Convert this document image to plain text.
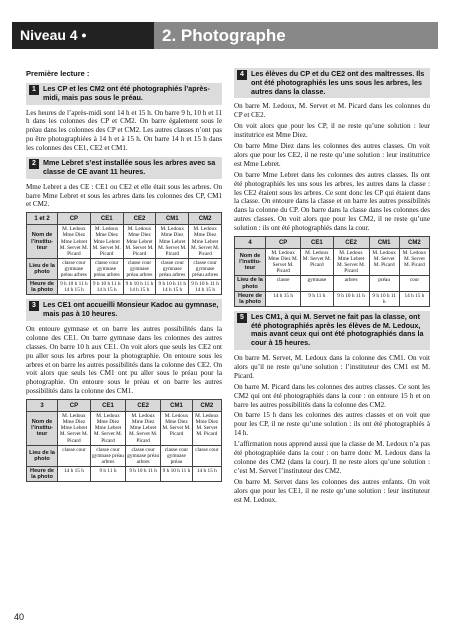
Niveau 4 • correction
2. Photographe
Première lecture :
1 Les CP et les CM2 ont été photographiés l’après-midi, mais pas sous le préau.

Les heures de l’après-midi sont 14 h et 15 h. On barre 9 h, 10 h et 11 h dans les colonnes des CP et CM2. On barre également sous le préau dans les colonnes des CP et CM2. Les autres classes n’ont pas pu être photographiées à 14 h et à 15 h. On barre 14 h et 15 h dans les colonnes des CE1, CE2 et CM1.

2 Mme Lebret s’est installée sous les arbres avec sa classe de CE avant 11 heures.

Mme Lebret a des CE : CE1 ou CE2 et elle était sous les arbres. On barre Mme Lebret et sous les arbres dans les colonnes des CP, CM1 et CM2.

1 et 2	CP	CE1	CE2	CM1	CM2
Nom de l’institu-teur	M. Ledoux Mme Diez Mme Lebret M. Servet M. Picard	M. Ledoux Mme Diez Mme Lebret M. Servet M. Picard	M. Ledoux Mme Diez Mme Lebret M. Servet M. Picard	M. Ledoux Mme Diez Mme Lebret M. Servet M. Picard	M. Ledoux Mme Diez Mme Lebret M. Servet M. Picard
Lieu de la photo	classe cour gymnase préau arbres	classe cour gymnase préau arbres	classe cour gymnase préau arbres	classe cour gymnase préau arbres	classe cour gymnase préau arbres
Heure de la photo	9 h 10 h 11 h 14 h 15 h	9 h 10 h 11 h 14 h 15 h	9 h 10 h 11 h 14 h 15 h	9 h 10 h 11 h 14 h 15 h	9 h 10 h 11 h 14 h 15 h
3 Les CE1 ont accueilli Monsieur Kadoc au gymnase, mais pas à 10 heures.

On entoure gymnase et on barre les autres possibilités dans la colonne des CE1. On barre gymnase dans les colonnes des autres classes. On barre 10 h aux CE1. On voit alors que seuls les CE2 ont pu aller sous les arbres pour la photographie. On entoure sous les arbres et on barre les autres possibilités dans la colonne des CE2. On voit alors que seuls les CM1 ont pu aller sous le préau pour la photographie. On entoure sous le préau et on barre les autres possibilités dans la colonne des CM1.

3	CP	CE1	CE2	CM1	CM2
Nom de l’institu-teur	M. Ledoux Mme Diez Mme Lebret M. Servet M. Picard	M. Ledoux Mme Diez Mme Lebret M. Servet M. Picard	M. Ledoux Mme Diez Mme Lebret M. Servet M. Picard	M. Ledoux Mme Diez M. Servet M. Picard	M. Ledoux Mme Diez M. Servet M. Picard
Lieu de la photo	classe cour	classe cour gymnase préau arbres	classe cour gymnase préau arbres	classe cour gymnase préau	classe cour
Heure de la photo	14 h 15 h	9 h 11 h	9 h 10 h 11 h	9 h 10 h 11 h	14 h 15 h
4 Les élèves du CP et du CE2 ont des maîtresses. Ils ont été photographiés les uns sous les arbres, les autres dans la classe.

On barre M. Ledoux, M. Servet et M. Picard dans les colonnes du CP et CE2.

On voit alors que pour les CP, il ne reste qu’une solution : leur institutrice est Mme Diez.

On barre Mme Diez dans les colonnes des autres classes. On voit alors que pour les CE2, il ne reste qu’une solution : leur institutrice est Mme Lebret.

On barre Mme Lebret dans les colonnes des autres classes. Ils ont été photographiés les uns sous les arbres, les autres dans la classe : les CE2 étaient sous les arbres. Ce sont donc les CP qui étaient dans la classe. On entoure dans la classe et on barre les autres possibilités dans la colonne du CP. On barre dans la classe dans les colonnes des autres classes. On voit alors que pour les CM2, il ne reste qu’une solution : ils ont été photographiés dans la cour.

4	CP	CE1	CE2	CM1	CM2
Nom de l’institu-teur	M. Ledoux Mme Diez M. Servet M. Picard	M. Ledoux M. Servet M. Picard	M. Ledoux Mme Lebret M. Servet M. Picard	M. Ledoux M. Servet M. Picard	M. Ledoux M. Servet M. Picard
Lieu de la photo	classe	gymnase	arbres	préau	cour
Heure de la photo	14 h 15 h	9 h 11 h	9 h 10 h 11 h	9 h 10 h 11 h	14 h 15 h
5 Les CM1, à qui M. Servet ne fait pas la classe, ont été photographiés après les élèves de M. Ledoux, mais avant ceux qui ont été photographiés dans la cour à 15 heures.

On barre M. Servet, M. Ledoux dans la colonne des CM1. On voit alors qu’il ne reste qu’une solution : l’instituteur des CM1 est M. Picard.

On barre M. Picard dans les colonnes des autres classes. Ce sont les CM2 qui ont été photographiés dans la cour : on entoure 15 h et on barre les autres possibilités dans la colonne des CM2.

On barre 15 h dans les colonnes des autres classes et on voit que pour les CP, il ne reste qu’une solution : ils ont été photographiés à 14 h.

L’affirmation nous apprend aussi que la classe de M. Ledoux n’a pas été photographiée dans la cour : on barre donc M. Ledoux dans la colonne des CM2 (dans la cour). Il ne reste alors qu’une solution : c’est M. Servet l’instituteur des CM2.

On barre M. Servet dans les colonnes des autres enfants. On voit alors que pour les CE1, il ne reste qu’une solution : leur instituteur est M. Ledoux.

40
